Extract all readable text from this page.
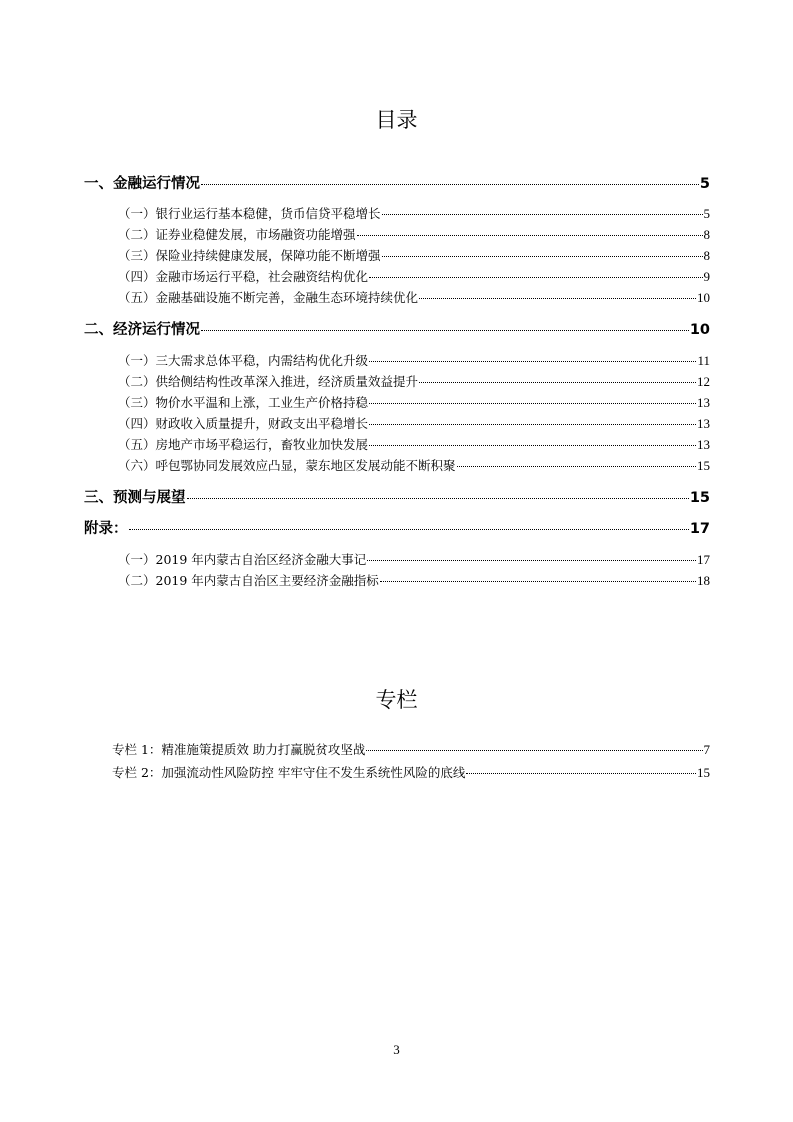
目录
一、金融运行情况	5
（一）银行业运行基本稳健，货币信贷平稳增长	5
（二）证券业稳健发展，市场融资功能增强	8
（三）保险业持续健康发展，保障功能不断增强	8
（四）金融市场运行平稳，社会融资结构优化	9
（五）金融基础设施不断完善，金融生态环境持续优化	10
二、经济运行情况	10
（一）三大需求总体平稳，内需结构优化升级	11
（二）供给侧结构性改革深入推进，经济质量效益提升	12
（三）物价水平温和上涨，工业生产价格持稳	13
（四）财政收入质量提升，财政支出平稳增长	13
（五）房地产市场平稳运行，畜牧业加快发展	13
（六）呼包鄂协同发展效应凸显，蒙东地区发展动能不断积聚	15
三、预测与展望	15
附录：	17
（一）2019 年内蒙古自治区经济金融大事记	17
（二）2019 年内蒙古自治区主要经济金融指标	18
专栏
专栏 1：精准施策提质效 助力打赢脱贫攻坚战	7
专栏 2：加强流动性风险防控 牢牢守住不发生系统性风险的底线	15
3
